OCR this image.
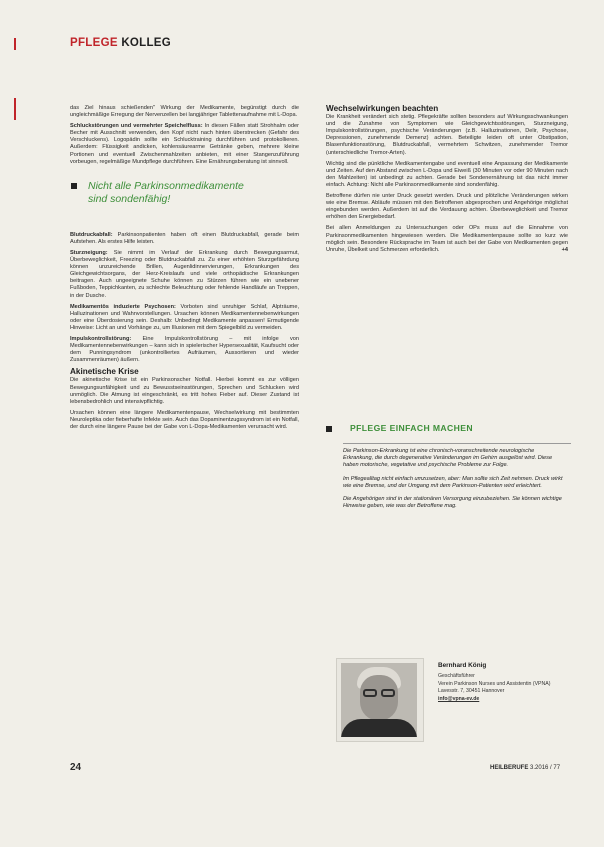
PFLEGE KOLLEG

das Ziel hinaus schießenden" Wirkung der Medikamente, begünstigt durch die ungleichmäßige Erregung der Nervenzellen bei langjähriger Tablettenaufnahme mit L-Dopa.

Schluckstörungen und vermehrter Speichelfluss: In diesen Fällen statt Strohhalm oder Becher mit Ausschnitt verwenden, den Kopf nicht nach hinten überstrecken (Gefahr des Verschluckens). Logopädin sollte ein Schlucktraining durchführen und protokollieren. Außerdem: Flüssigkeit andicken, kohlensäurearme Getränke geben, mehrere kleine Portionen und eventuell Zwischenmahlzeiten anbieten, mit einer Stangenzuführung vorbeugen, regelmäßige Mundpflege durchführen. Eine Ernährungsberatung ist sinnvoll.

Nicht alle Parkinsonmedikamente
sind sondenfähig!

Blutdruckabfall: Parkinsonpatienten haben oft einen Blutdruckabfall, gerade beim Aufstehen. Als erstes Hilfe leisten.

Sturzneigung: Sie nimmt im Verlauf der Erkrankung durch Bewegungsarmut, Überbeweglichkeit, Freezing oder Blutdruckabfall zu. Zu einer erhöhten Sturzgefährdung können unzureichende Brillen, Augenlidinnervierungen, Erkrankungen des Gleichgewichtsorgans, der Herz-Kreislaufs und viele orthopädische Erkrankungen beitragen. Auch ungeeignete Schuhe können zu Stürzen führen wie ein unebener Fußboden, Teppichkanten, zu schlechte Beleuchtung oder fehlende Handläufe an Treppen, in der Dusche.

Medikamentös induzierte Psychosen: Vorboten sind unruhiger Schlaf, Alpträume, Halluzinationen und Wahnvorstellungen. Ursachen können Medikamentennebenwirkungen oder eine Überdosierung sein. Deshalb: Unbedingt Medikamente anpassen! Ermutigende Hinweise: Licht an und Vorhänge zu, um Illusionen mit dem Spiegelbild zu vermeiden.

Impulskontrollstörung: Eine Impulskontrollstörung – mit infolge von Medikamentennebenwirkungen – kann sich in spielerischer Hypersexualität, Kaufsucht oder dem Punningsyndrom (unkontrolliertes Aufräumen, Aussortieren und wieder Zusammenräumen) äußern.

Akinetische Krise

Die akinetische Krise ist ein Parkinsonscher Notfall. Hierbei kommt es zur völligen Bewegungsunfähigkeit und zu Bewusstseinsstörungen, Sprechen und Schlucken wird unmöglich. Die Atmung ist eingeschränkt, es tritt hohes Fieber auf. Dieser Zustand ist lebensbedrohlich und intensivpflichtig.

Ursachen können eine längere Medikamentenpause, Wechselwirkung mit bestimmten Neuroleptika oder fieberhafte Infekte sein. Auch das Dopaminentzugssyndrom ist ein Notfall, der durch eine längere Pause bei der Gabe von L-Dopa-Medikamenten verursacht wird.

Wechselwirkungen beachten

Die Krankheit verändert sich stetig. Pflegekräfte sollten besonders auf Wirkungsschwankungen und die Zunahme von Symptomen wie Gleichgewichtsstörungen, Sturzneigung, Impulskontrollstörungen, psychische Veränderungen (z.B. Halluzinationen, Delir, Psychose, Depressionen, zunehmende Demenz) achten. Beteiligte leiden oft unter Obstipation, Blasenfunktionsstörung, Blutdruckabfall, vermehrtem Schwitzen, zunehmender Tremor (unterschiedliche Tremor-Arten).

Wichtig sind die pünktliche Medikamentengabe und eventuell eine Anpassung der Medikamente und Zeiten. Auf den Abstand zwischen L-Dopa und Eiweiß (30 Minuten vor oder 90 Minuten nach den Mahlzeiten) ist unbedingt zu achten. Gerade bei Sondenernährung ist das nicht immer einfach. Achtung: Nicht alle Parkinsonmedikamente sind sondenfähig.

Betroffene dürfen nie unter Druck gesetzt werden. Druck und plötzliche Veränderungen wirken wie eine Bremse. Abläufe müssen mit den Betroffenen abgesprochen und Angehörige möglichst eingebunden werden. Außerdem ist auf die Verdauung achten. Überbeweglichkeit und Tremor erhöhen den Energiebedarf.

Bei allen Anmeldungen zu Untersuchungen oder OPs muss auf die Einnahme von Parkinsonmedikamenten hingewiesen werden. Die Medikamentenpause sollte so kurz wie möglich sein. Besondere Rücksprache im Team ist auch bei der Gabe von Medikamenten gegen Unruhe, Übelkeit und Schmerzen erforderlich.	+4

PFLEGE EINFACH MACHEN

Die Parkinson-Erkrankung ist eine chronisch-voranschreitende neurologische Erkrankung, die durch degenerative Veränderungen im Gehirn ausgelöst wird. Diese haben motorische, vegetative und psychische Probleme zur Folge.

Im Pflegealltag nicht einfach umzusetzen, aber: Man sollte sich Zeit nehmen. Druck wirkt wie eine Bremse, und der Umgang mit dem Parkinson-Patienten wird erleichtert.

Die Angehörigen sind in der stationären Versorgung einzubeziehen. Sie können wichtige Hinweise geben, wie was der Betroffene mag.

Bernhard König
Geschäftsführer
Verein Parkinson Nurses und Assistentin (VPNA)
Lavesstr. 7, 30451 Hannover
info@vpna-ev.de
24	HEILBERUFE 3.2016 / 77
